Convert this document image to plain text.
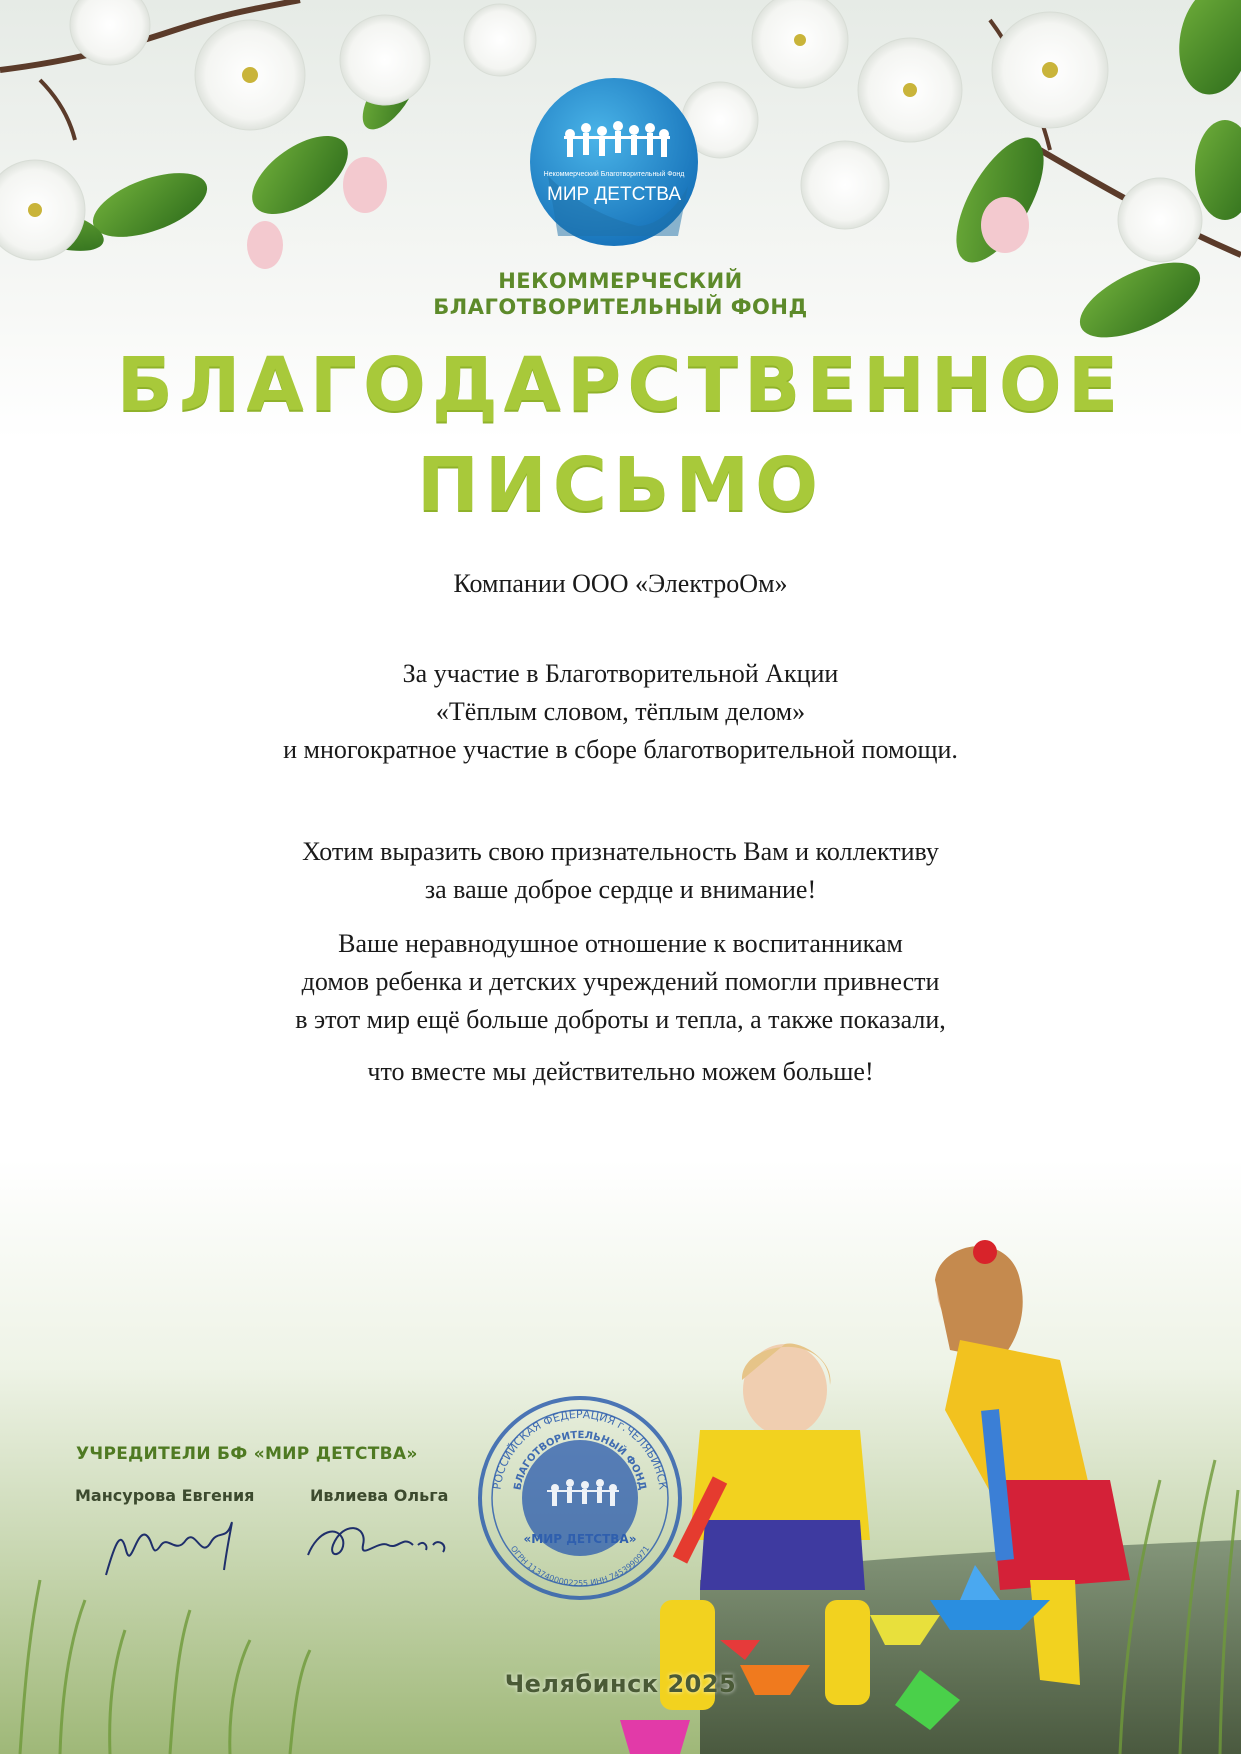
Некоммерческий Благотворительный Фонд
МИР ДЕТСТВА
НЕКОММЕРЧЕСКИЙ
БЛАГОТВОРИТЕЛЬНЫЙ ФОНД
БЛАГОДАРСТВЕННОЕ
ПИСЬМО
Компании ООО «ЭлектроОм»
За участие в Благотворительной Акции
«Тёплым словом, тёплым делом»
и многократное участие в сборе благотворительной помощи.
Хотим выразить свою признательность Вам и коллективу
за ваше доброе сердце и внимание!
Ваше неравнодушное отношение к воспитанникам
домов ребенка и детских учреждений помогли привнести
в этот мир ещё больше доброты и тепла, а также показали,
что вместе мы действительно можем больше!
УЧРЕДИТЕЛИ БФ «МИР ДЕТСТВА»
Мансурова Евгения	Ивлиева Ольга	РОССИЙСКАЯ ФЕДЕРАЦИЯ г.ЧЕЛЯБИНСК
БЛАГОТВОРИТЕЛЬНЫЙ ФОНД
«МИР ДЕТСТВА»
ОГРН 1137400002255 ИНН 7453990971
Челябинск 2025
